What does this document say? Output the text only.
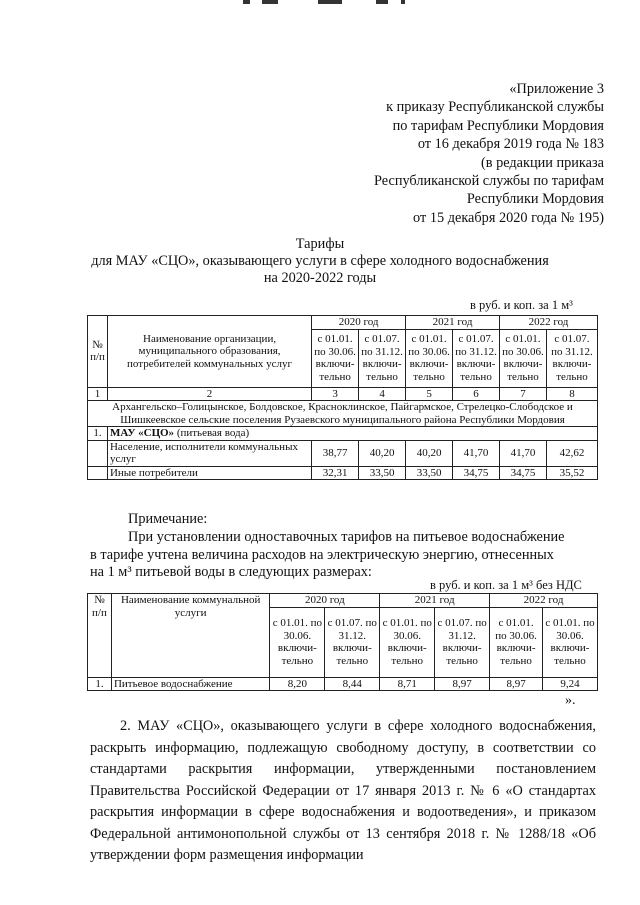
«Приложение 3
к приказу Республиканской службы
по тарифам Республики Мордовия
от 16 декабря 2019 года № 183
(в редакции приказа
Республиканской службы по тарифам
Республики Мордовия
от 15 декабря 2020 года № 195)
Тарифы
для МАУ «СЦО», оказывающего услуги в сфере холодного водоснабжения
на 2020-2022 годы
в руб. и коп. за 1 м³
№ п/п	Наименование организации, муниципального образования, потребителей коммунальных услуг	2020 год		2021 год		2022 год	
		с 01.01. по 30.06. включи-тельно	с 01.07. по 31.12. включи-тельно	с 01.01. по 30.06. включи-тельно	с 01.07. по 31.12. включи-тельно	с 01.01. по 30.06. включи-тельно	с 01.07. по 31.12. включи-тельно
1	2	3	4	5	6	7	8
Архангельско–Голицынское, Болдовское, Красноклинское, Пайгармское, Стрелецко-Слободское и Шишкеевское сельские поселения Рузаевского муниципального района Республики Мордовия							
1.	МАУ «СЦО» (питьевая вода)						
	Население, исполнители коммунальных услуг	38,77	40,20	40,20	41,70	41,70	42,62
	Иные потребители	32,31	33,50	33,50	34,75	34,75	35,52
Примечание:
При установлении одноставочных тарифов на питьевое водоснабжение
в тарифе учтена величина расходов на электрическую энергию, отнесенных
на 1 м³ питьевой воды в следующих размерах:
в руб. и коп. за 1 м³ без НДС
№ п/п	Наименование коммунальной услуги	2020 год		2021 год		2022 год	
		с 01.01. по 30.06. включи-тельно	с 01.07. по 31.12. включи-тельно	с 01.01. по 30.06. включи-тельно	с 01.07. по 31.12. включи-тельно	с 01.01. по 30.06. включи-тельно	с 01.01. по 30.06. включи-тельно
1.	Питьевое водоснабжение	8,20	8,44	8,71	8,97	8,97	9,24
».
2. МАУ «СЦО», оказывающего услуги в сфере холодного водоснабжения, раскрыть информацию, подлежащую свободному доступу, в соответствии со стандартами раскрытия информации, утвержденными постановлением Правительства Российской Федерации от 17 января 2013 г. № 6 «О стандартах раскрытия информации в сфере водоснабжения и водоотведения», и приказом Федеральной антимонопольной службы от 13 сентября 2018 г. № 1288/18 «Об утверждении форм размещения информации
